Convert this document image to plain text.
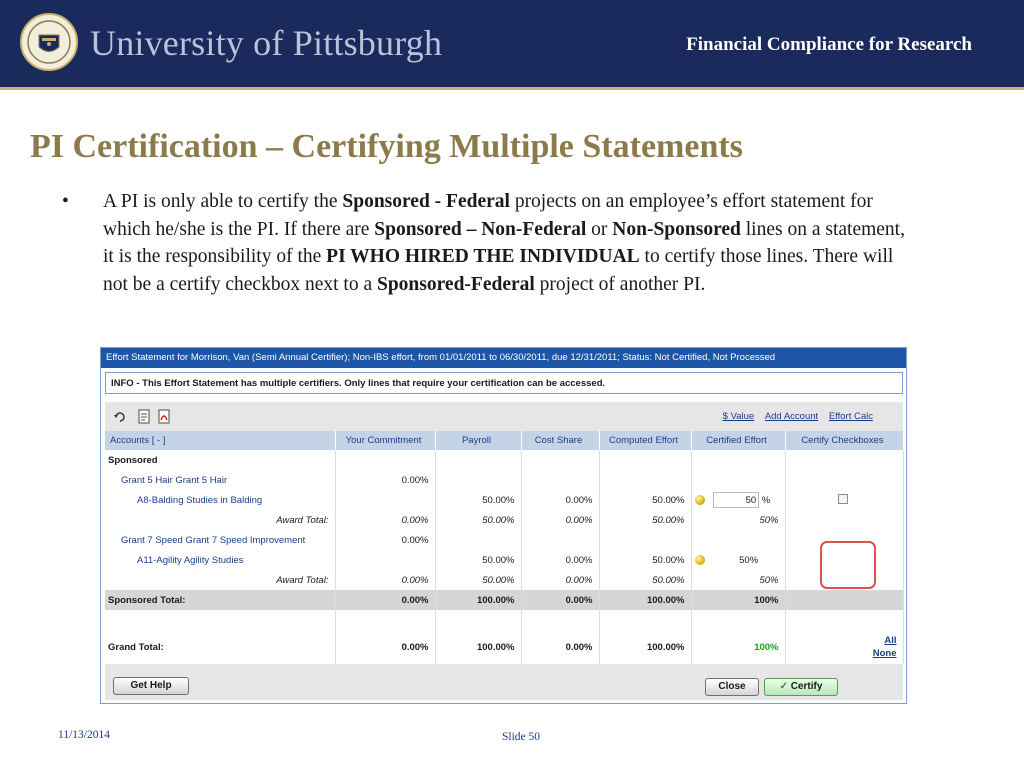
University of Pittsburgh	Financial Compliance for Research
PI Certification – Certifying Multiple Statements
•	A PI is only able to certify the Sponsored - Federal projects on an employee’s effort statement for which he/she is the PI. If there are Sponsored – Non-Federal or Non-Sponsored lines on a statement, it is the responsibility of the PI WHO HIRED THE INDIVIDUAL to certify those lines. There will not be a certify checkbox next to a Sponsored-Federal project of another PI.
Effort Statement for Morrison, Van (Semi Annual Certifier); Non-IBS effort, from 01/01/2011 to 06/30/2011, due 12/31/2011; Status: Not Certified, Not Processed
INFO - This Effort Statement has multiple certifiers. Only lines that require your certification can be accessed.
$ Value Add Account Effort Calc
Accounts [ - ]	Your Commitment	Payroll	Cost Share	Computed Effort	Certified Effort	Certify Checkboxes
Sponsored						
Grant 5 Hair Grant 5 Hair	0.00%					
A8-Balding Studies in Balding		50.00%	0.00%	50.00%	50 %	
Award Total:	0.00%	50.00%	0.00%	50.00%	50%	
Grant 7 Speed Grant 7 Speed Improvement	0.00%					
A11-Agility Agility Studies		50.00%	0.00%	50.00%	50%	
Award Total:	0.00%	50.00%	0.00%	50.00%	50%	
Sponsored Total:	0.00%	100.00%	0.00%	100.00%	100%	

Grand Total:	0.00%	100.00%	0.00%	100.00%	100%	All
None
Get Help	Close	✓ Certify
11/13/2014	Slide 50
